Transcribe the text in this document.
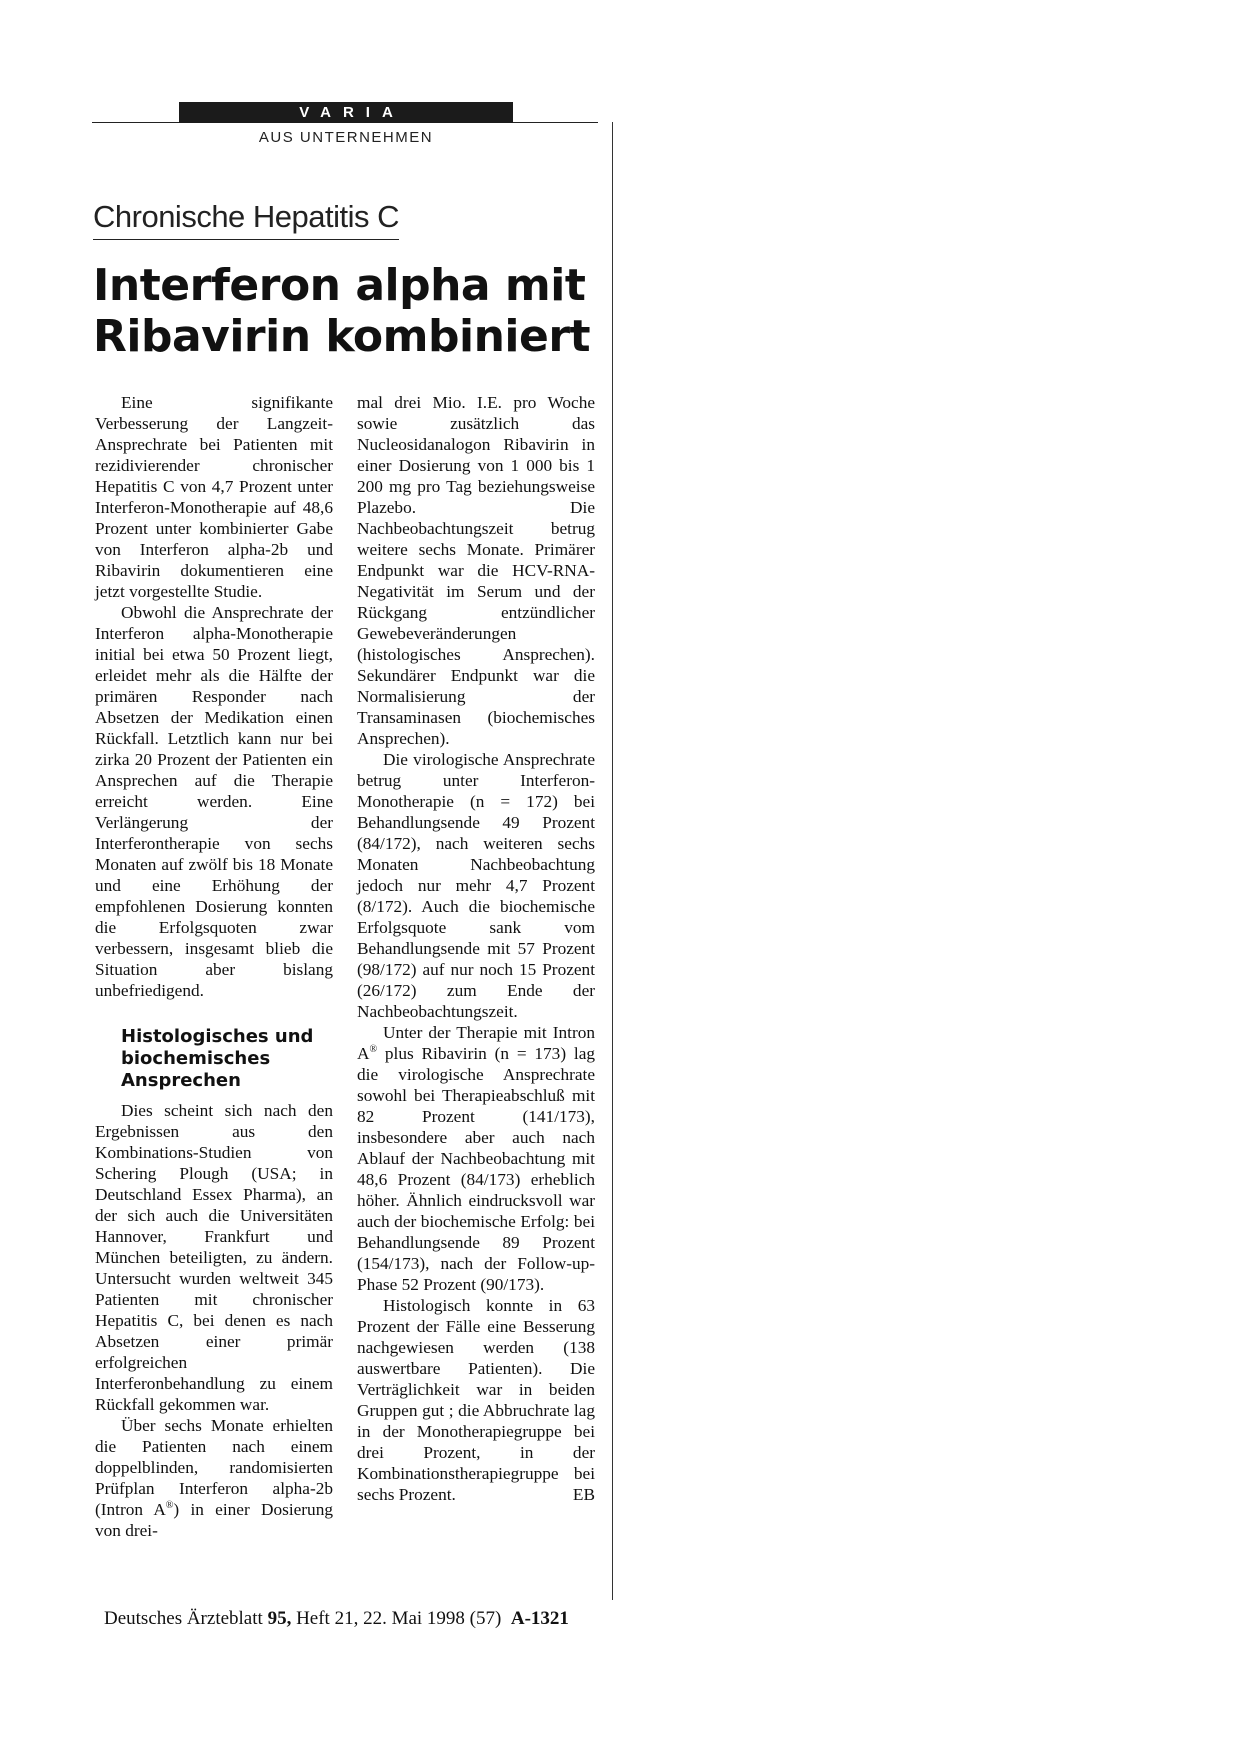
VARIA
AUS UNTERNEHMEN
Chronische Hepatitis C
Interferon alpha mit
Ribavirin kombiniert

Eine signifikante Verbesserung der Langzeit-Ansprechrate bei Patienten mit rezidivierender chronischer Hepatitis C von 4,7 Prozent unter Interferon-Monotherapie auf 48,6 Prozent unter kombinierter Gabe von Interferon alpha-2b und Ribavirin dokumentieren eine jetzt vorgestellte Studie.

Obwohl die Ansprechrate der Interferon alpha-Monotherapie initial bei etwa 50 Prozent liegt, erleidet mehr als die Hälfte der primären Responder nach Absetzen der Medikation einen Rückfall. Letztlich kann nur bei zirka 20 Prozent der Patienten ein Ansprechen auf die Therapie erreicht werden. Eine Verlängerung der Interferontherapie von sechs Monaten auf zwölf bis 18 Monate und eine Erhöhung der empfohlenen Dosierung konnten die Erfolgsquoten zwar verbessern, insgesamt blieb die Situation aber bislang unbefriedigend.

Histologisches und biochemisches Ansprechen

Dies scheint sich nach den Ergebnissen aus den Kombinations-Studien von Schering Plough (USA; in Deutschland Essex Pharma), an der sich auch die Universitäten Hannover, Frankfurt und München beteiligten, zu ändern. Untersucht wurden weltweit 345 Patienten mit chronischer Hepatitis C, bei denen es nach Absetzen einer primär erfolgreichen Interferonbehandlung zu einem Rückfall gekommen war.

Über sechs Monate erhielten die Patienten nach einem doppelblinden, randomisierten Prüfplan Interferon alpha-2b (Intron A®) in einer Dosierung von drei-

mal drei Mio. I.E. pro Woche sowie zusätzlich das Nucleosidanalogon Ribavirin in einer Dosierung von 1 000 bis 1 200 mg pro Tag beziehungsweise Plazebo. Die Nachbeobachtungszeit betrug weitere sechs Monate. Primärer Endpunkt war die HCV-RNA-Negativität im Serum und der Rückgang entzündlicher Gewebeveränderungen (histologisches Ansprechen). Sekundärer Endpunkt war die Normalisierung der Transaminasen (biochemisches Ansprechen).

Die virologische Ansprechrate betrug unter Interferon-Monotherapie (n = 172) bei Behandlungsende 49 Prozent (84/172), nach weiteren sechs Monaten Nachbeobachtung jedoch nur mehr 4,7 Prozent (8/172). Auch die biochemische Erfolgsquote sank vom Behandlungsende mit 57 Prozent (98/172) auf nur noch 15 Prozent (26/172) zum Ende der Nachbeobachtungszeit.

Unter der Therapie mit Intron A® plus Ribavirin (n = 173) lag die virologische Ansprechrate sowohl bei Therapieabschluß mit 82 Prozent (141/173), insbesondere aber auch nach Ablauf der Nachbeobachtung mit 48,6 Prozent (84/173) erheblich höher. Ähnlich eindrucksvoll war auch der biochemische Erfolg: bei Behandlungsende 89 Prozent (154/173), nach der Follow-up-Phase 52 Prozent (90/173).

Histologisch konnte in 63 Prozent der Fälle eine Besserung nachgewiesen werden (138 auswertbare Patienten). Die Verträglichkeit war in beiden Gruppen gut ; die Abbruchrate lag in der Monotherapiegruppe bei drei Prozent, in der Kombinationstherapiegruppe bei sechs Prozent.	EB

Deutsches Ärzteblatt 95, Heft 21, 22. Mai 1998 (57) A-1321
